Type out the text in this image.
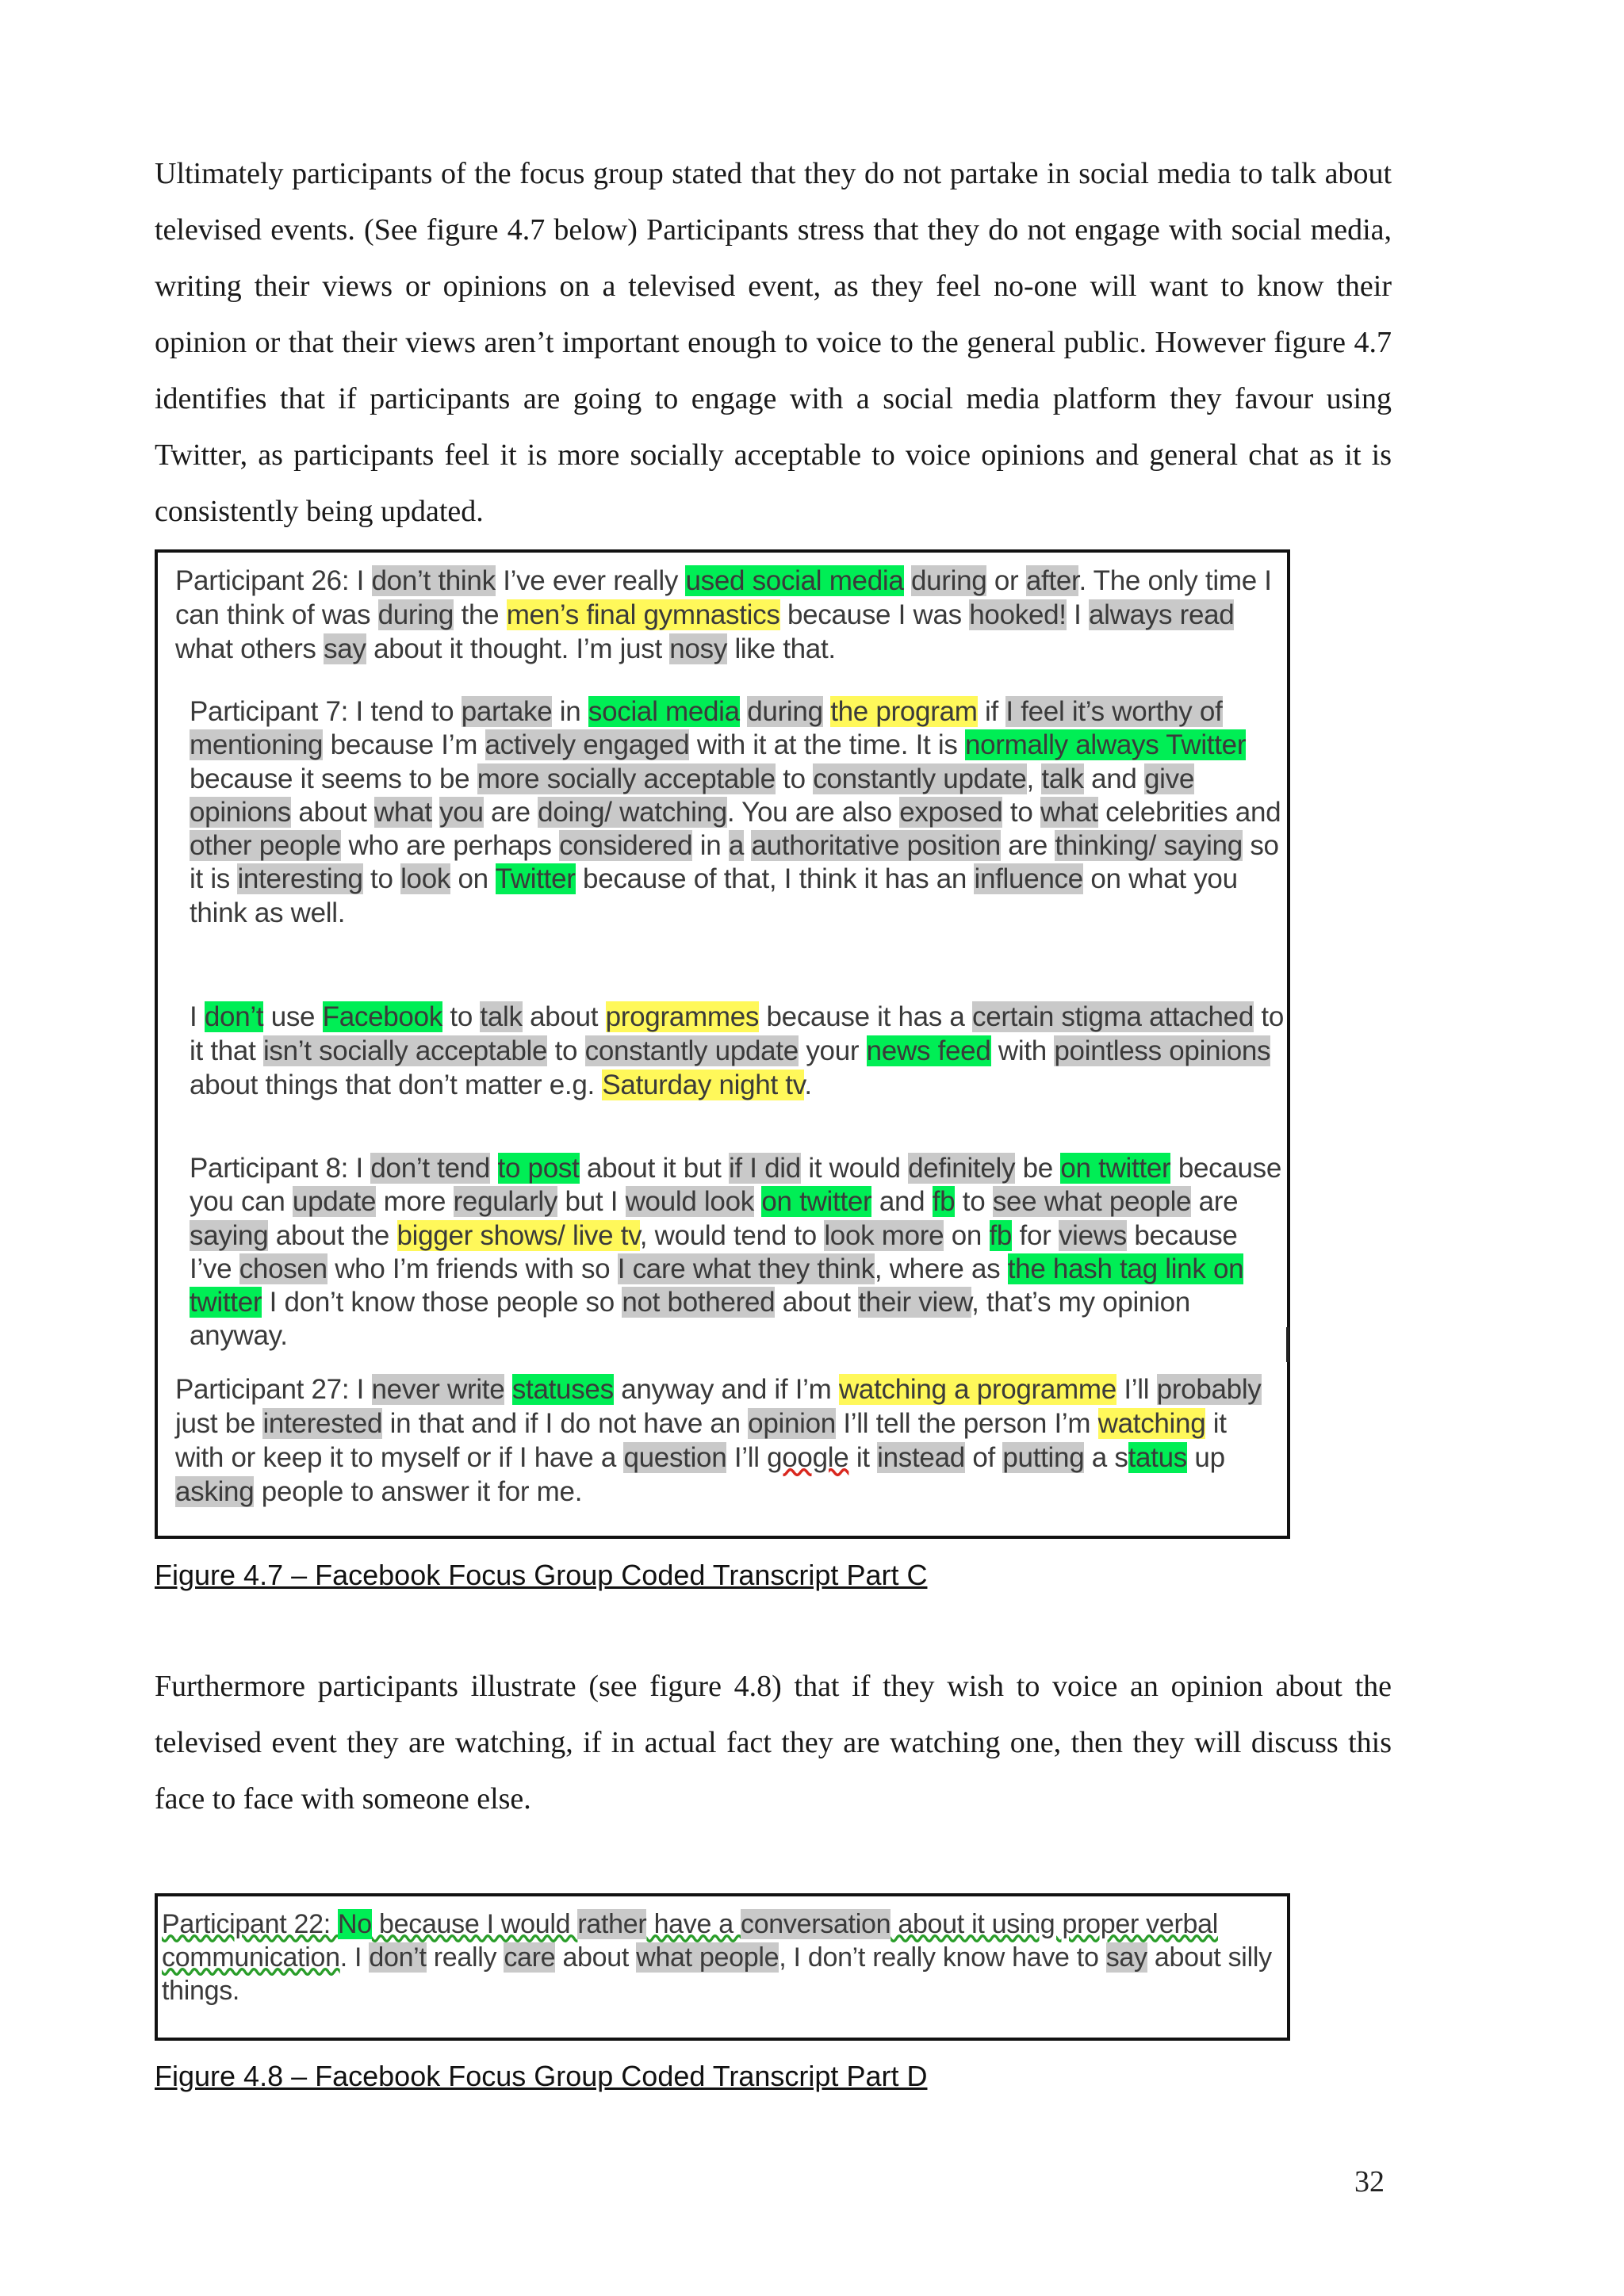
Ultimately participants of the focus group stated that they do not partake in social media to talk about televised events. (See figure 4.7 below) Participants stress that they do not engage with social media, writing their views or opinions on a televised event, as they feel no-one will want to know their opinion or that their views aren’t important enough to voice to the general public. However figure 4.7 identifies that if participants are going to engage with a social media platform they favour using Twitter, as participants feel it is more socially acceptable to voice opinions and general chat as it is consistently being updated.

Participant 26: I don’t think I’ve ever really used social media during or after. The only time I can think of was during the men’s final gymnastics because I was hooked! I always read what others say about it thought. I’m just nosy like that.

Participant 7: I tend to partake in social media during the program if I feel it’s worthy of mentioning because I’m actively engaged with it at the time. It is normally always Twitter because it seems to be more socially acceptable to constantly update, talk and give opinions about what you are doing/ watching. You are also exposed to what celebrities and other people who are perhaps considered in a authoritative position are thinking/ saying so it is interesting to look on Twitter because of that, I think it has an influence on what you think as well.

I don’t use Facebook to talk about programmes because it has a certain stigma attached to it that isn’t socially acceptable to constantly update your news feed with pointless opinions about things that don’t matter e.g. Saturday night tv.

Participant 8: I don’t tend to post about it but if I did it would definitely be on twitter because you can update more regularly but I would look on twitter and fb to see what people are saying about the bigger shows/ live tv, would tend to look more on fb for views because I’ve chosen who I’m friends with so I care what they think, where as the hash tag link on twitter I don’t know those people so not bothered about their view, that’s my opinion anyway.

Participant 27: I never write statuses anyway and if I’m watching a programme I’ll probably just be interested in that and if I do not have an opinion I’ll tell the person I’m watching it with or keep it to myself or if I have a question I’ll google it instead of putting a status up asking people to answer it for me.

Figure 4.7 – Facebook Focus Group Coded Transcript Part C

Furthermore participants illustrate (see figure 4.8) that if they wish to voice an opinion about the televised event they are watching, if in actual fact they are watching one, then they will discuss this face to face with someone else.

Participant 22: No because I would rather have a conversation about it using proper verbal communication. I don’t really care about what people, I don’t really know have to say about silly things.

Figure 4.8 – Facebook Focus Group Coded Transcript Part D

32
